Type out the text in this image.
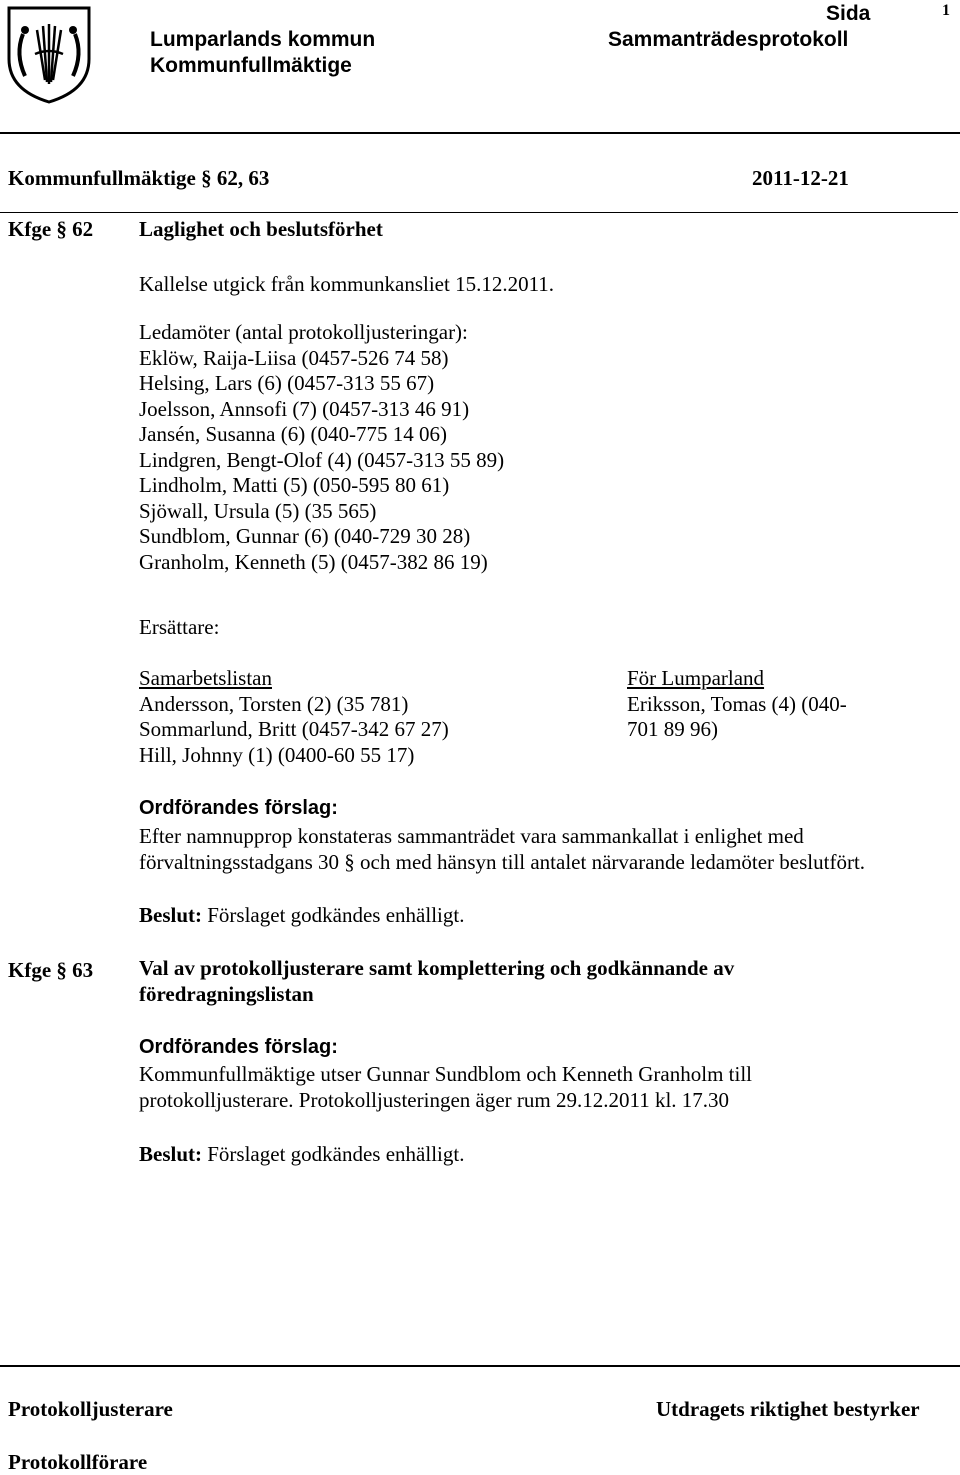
Lumparlands kommun
Kommunfullmäktige
Sida
Sammanträdesprotokoll
1
Kommunfullmäktige § 62, 63	2011-12-21
Kfge § 62 Laglighet och beslutsförhet
Kallelse utgick från kommunkansliet 15.12.2011.
Ledamöter (antal protokolljusteringar):
Eklöw, Raija-Liisa (0457-526 74 58)
Helsing, Lars (6) (0457-313 55 67)
Joelsson, Annsofi (7) (0457-313 46 91)
Jansén, Susanna (6) (040-775 14 06)
Lindgren, Bengt-Olof (4) (0457-313 55 89)
Lindholm, Matti (5) (050-595 80 61)
Sjöwall, Ursula (5) (35 565)
Sundblom, Gunnar (6) (040-729 30 28)
Granholm, Kenneth (5) (0457-382 86 19)
Ersättare:
Samarbetslistan
Andersson, Torsten (2) (35 781)
Sommarlund, Britt (0457-342 67 27)
Hill, Johnny (1) (0400-60 55 17)
För Lumparland
Eriksson, Tomas (4) (040-
701 89 96)
Ordförandes förslag:
Efter namnupprop konstateras sammanträdet vara sammankallat i enlighet med
förvaltningsstadgans 30 § och med hänsyn till antalet närvarande ledamöter beslutfört.
Beslut: Förslaget godkändes enhälligt.
Kfge § 63 Val av protokolljusterare samt komplettering och godkännande av
föredragningslistan
Ordförandes förslag:
Kommunfullmäktige utser Gunnar Sundblom och Kenneth Granholm till
protokolljusterare. Protokolljusteringen äger rum 29.12.2011 kl. 17.30
Beslut: Förslaget godkändes enhälligt.
Protokolljusterare	Utdragets riktighet bestyrker
Protokollförare
